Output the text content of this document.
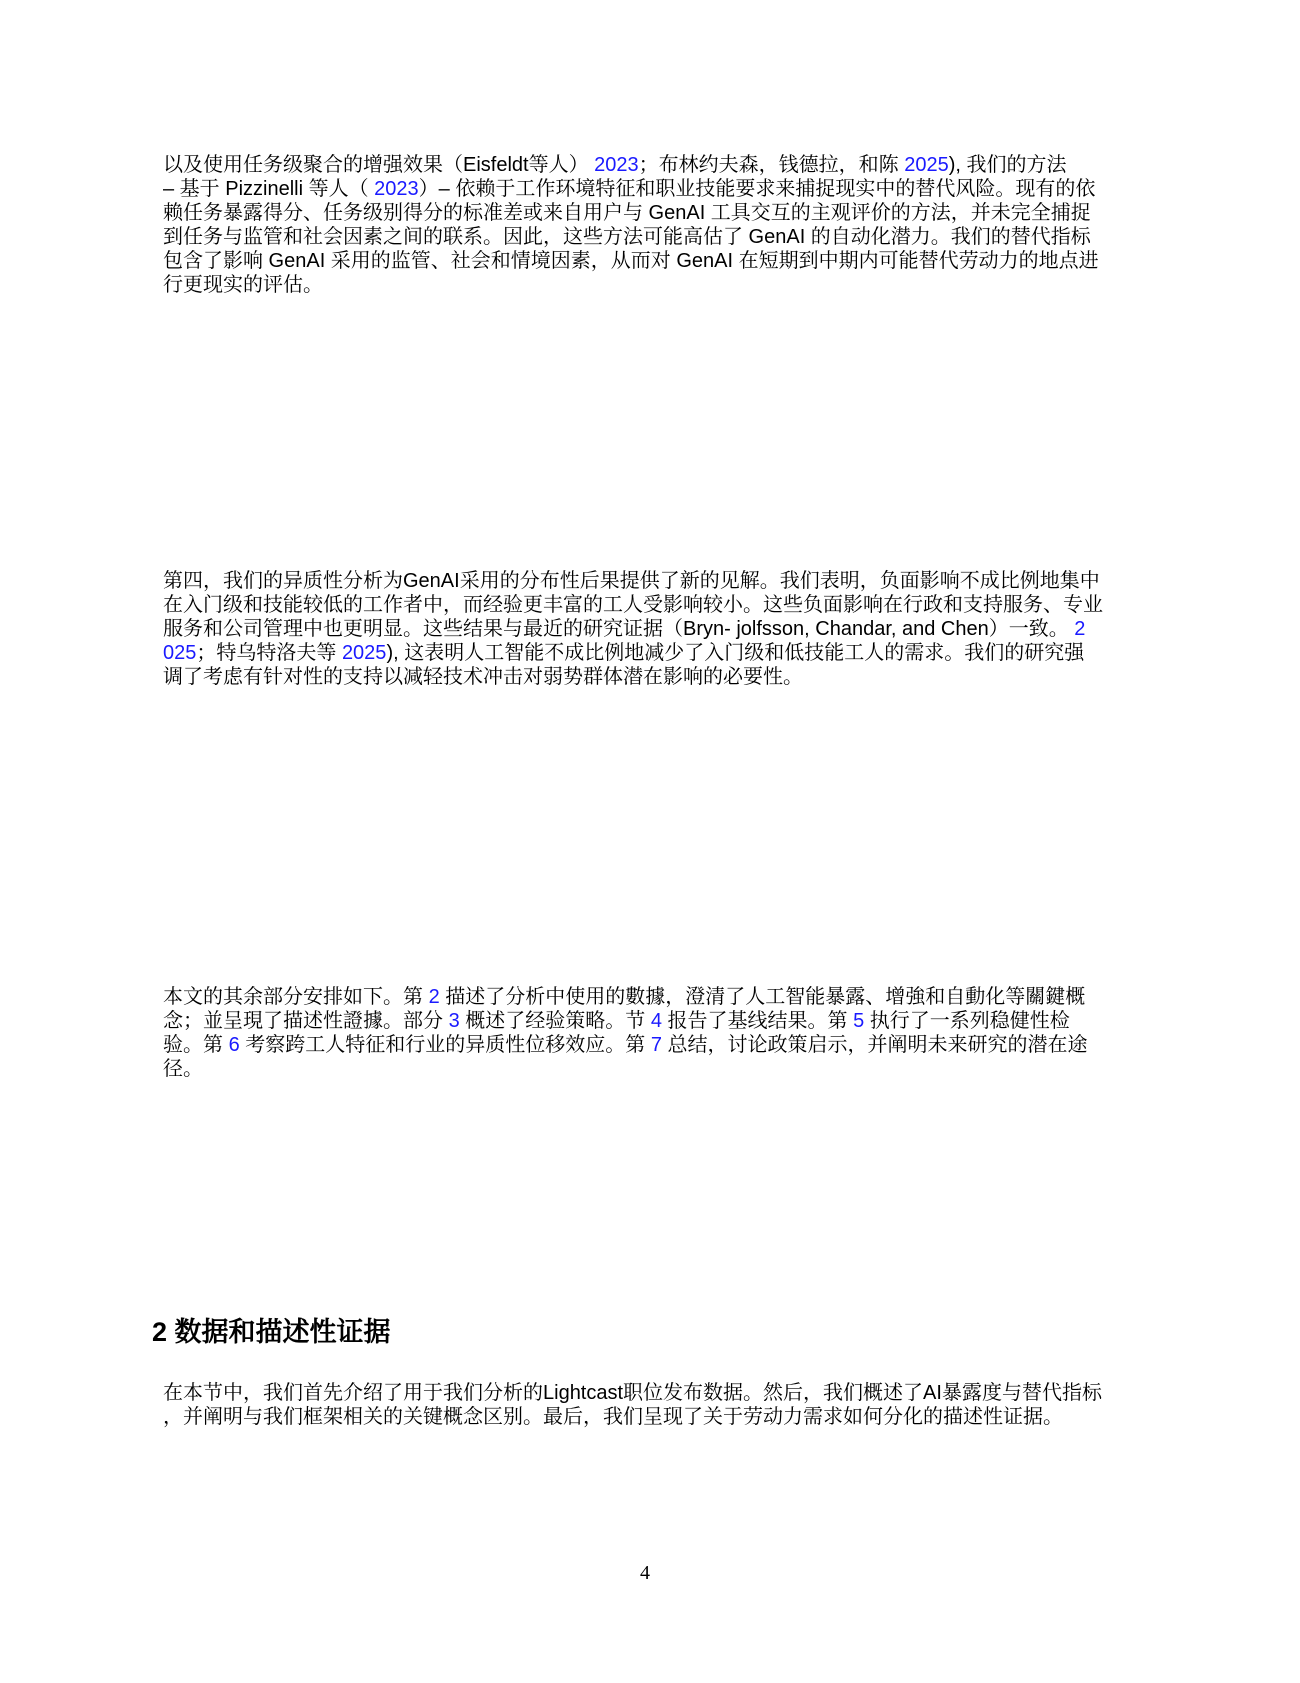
以及使用任务级聚合的增强效果（Eisfeldt等人） 2023；布林约夫森，钱德拉，和陈 2025), 我们的方法
– 基于 Pizzinelli 等人（ 2023）– 依赖于工作环境特征和职业技能要求来捕捉现实中的替代风险。现有的依
赖任务暴露得分、任务级别得分的标准差或来自用户与 GenAI 工具交互的主观评价的方法，并未完全捕捉
到任务与监管和社会因素之间的联系。因此，这些方法可能高估了 GenAI 的自动化潜力。我们的替代指标
包含了影响 GenAI 采用的监管、社会和情境因素，从而对 GenAI 在短期到中期内可能替代劳动力的地点进
行更现实的评估。
第四，我们的异质性分析为GenAI采用的分布性后果提供了新的见解。我们表明，负面影响不成比例地集中
在入门级和技能较低的工作者中，而经验更丰富的工人受影响较小。这些负面影响在行政和支持服务、专业
服务和公司管理中也更明显。这些结果与最近的研究证据（Bryn- jolfsson, Chandar, and Chen）一致。 2
025；特乌特洛夫等 2025), 这表明人工智能不成比例地减少了入门级和低技能工人的需求。我们的研究强
调了考虑有针对性的支持以减轻技术冲击对弱势群体潜在影响的必要性。
本文的其余部分安排如下。第 2 描述了分析中使用的數據，澄清了人工智能暴露、增強和自動化等關鍵概
念；並呈現了描述性證據。部分 3 概述了经验策略。节 4 报告了基线结果。第 5 执行了一系列稳健性检
验。第 6 考察跨工人特征和行业的异质性位移效应。第 7 总结，讨论政策启示，并阐明未来研究的潜在途
径。
2 数据和描述性证据
在本节中，我们首先介绍了用于我们分析的Lightcast职位发布数据。然后，我们概述了AI暴露度与替代指标
，并阐明与我们框架相关的关键概念区别。最后，我们呈现了关于劳动力需求如何分化的描述性证据。
4
